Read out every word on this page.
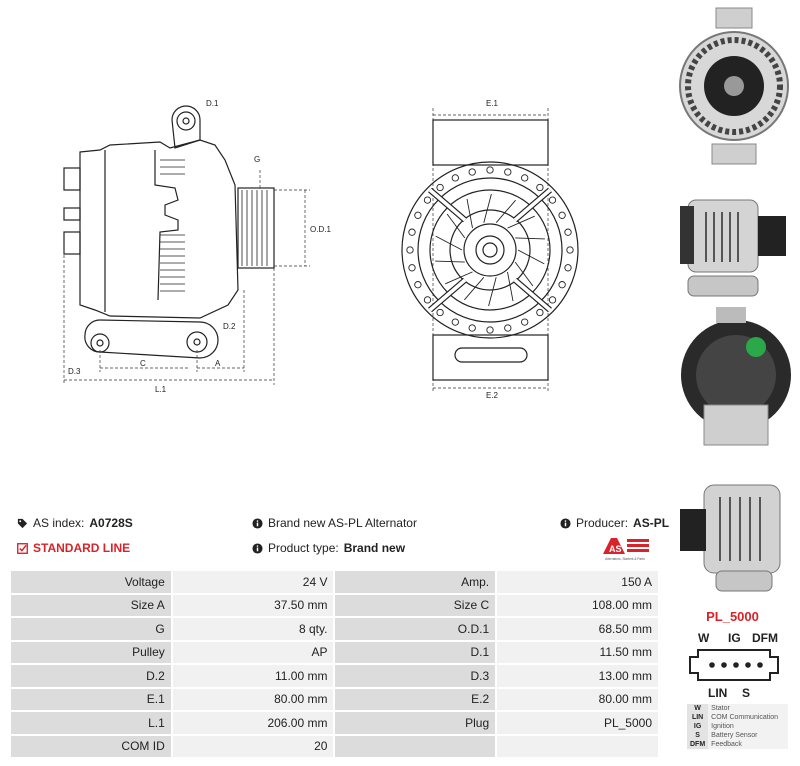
D.1
G
O.D.1
D.2
D.3
C	A
L.1
E.1
E.2
AS index: A0728S	Brand new AS-PL Alternator	Producer: AS-PL
STANDARD LINE	Product type: Brand new	AS
Alternators, Starters & Parts
Voltage	24 V	Amp.	150 A
Size A	37.50 mm	Size C	108.00 mm
G	8 qty.	O.D.1	68.50 mm
Pulley	AP	D.1	11.50 mm
D.2	11.00 mm	D.3	13.00 mm
E.1	80.00 mm	E.2	80.00 mm
L.1	206.00 mm	Plug	PL_5000
COM ID	20		
PL_5000
W IG DFM
LIN S
W	Stator
LIN	COM Communication
IG	Ignition
S	Battery Sensor
DFM	Feedback
